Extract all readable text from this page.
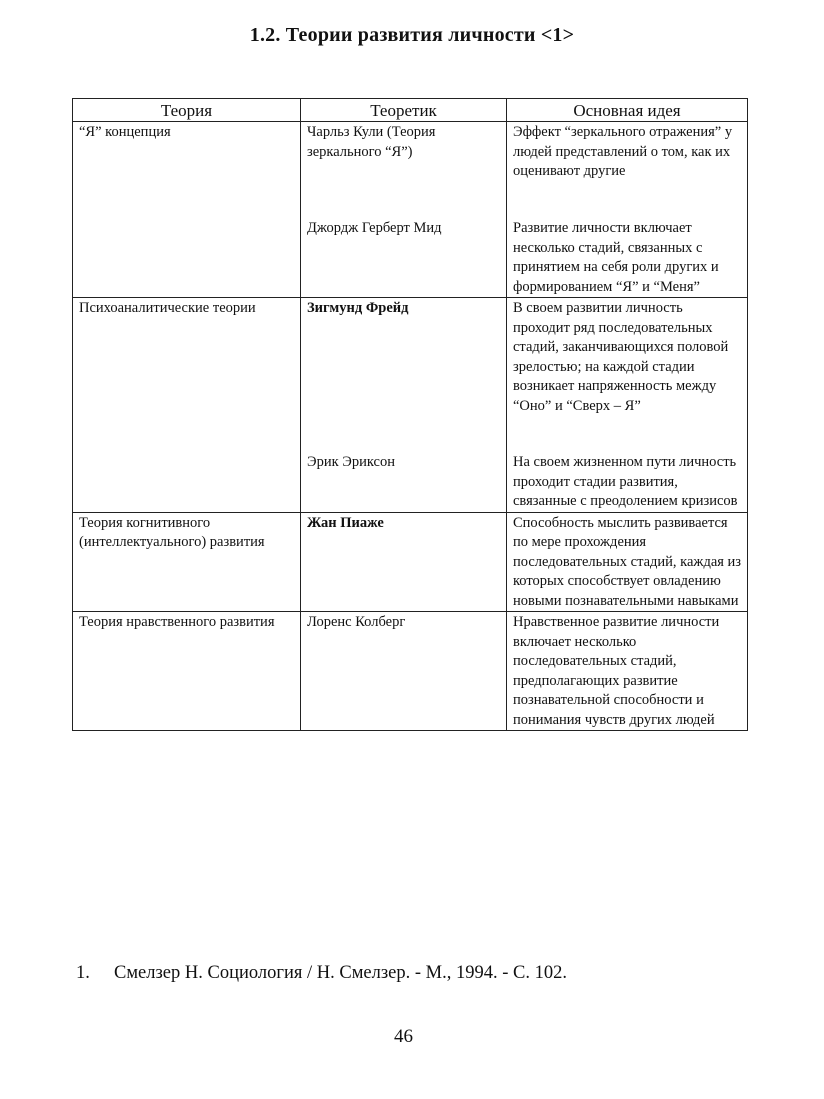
1.2. Теории развития личности <1>
Теория	Теоретик	Основная идея
“Я” концепция	Чарльз Кули (Теория зеркального “Я”)	Эффект “зеркального отражения” у людей представлений о том, как их оценивают другие
	Джордж Герберт Мид	Развитие личности включает несколько стадий, связанных с принятием на себя роли других и формированием “Я” и “Меня”
Психоаналитические теории	Зигмунд Фрейд	В своем развитии личность проходит ряд последовательных стадий, заканчивающихся половой зрелостью; на каждой стадии возникает напряженность между “Оно” и “Сверх – Я”
	Эрик Эриксон	На своем жизненном пути личность проходит стадии развития, связанные с преодолением кризисов
Теория когнитивного (интеллектуального) развития	Жан Пиаже	Способность мыслить развивается по мере прохождения последовательных стадий, каждая из которых способствует овладению новыми познавательными навыками
Теория нравственного развития	Лоренс Колберг	Нравственное развитие личности включает несколько последовательных стадий, предполагающих развитие познавательной способности и понимания чувств других людей
1. Смелзер Н. Социология / Н. Смелзер. - М., 1994. - С. 102.
46
